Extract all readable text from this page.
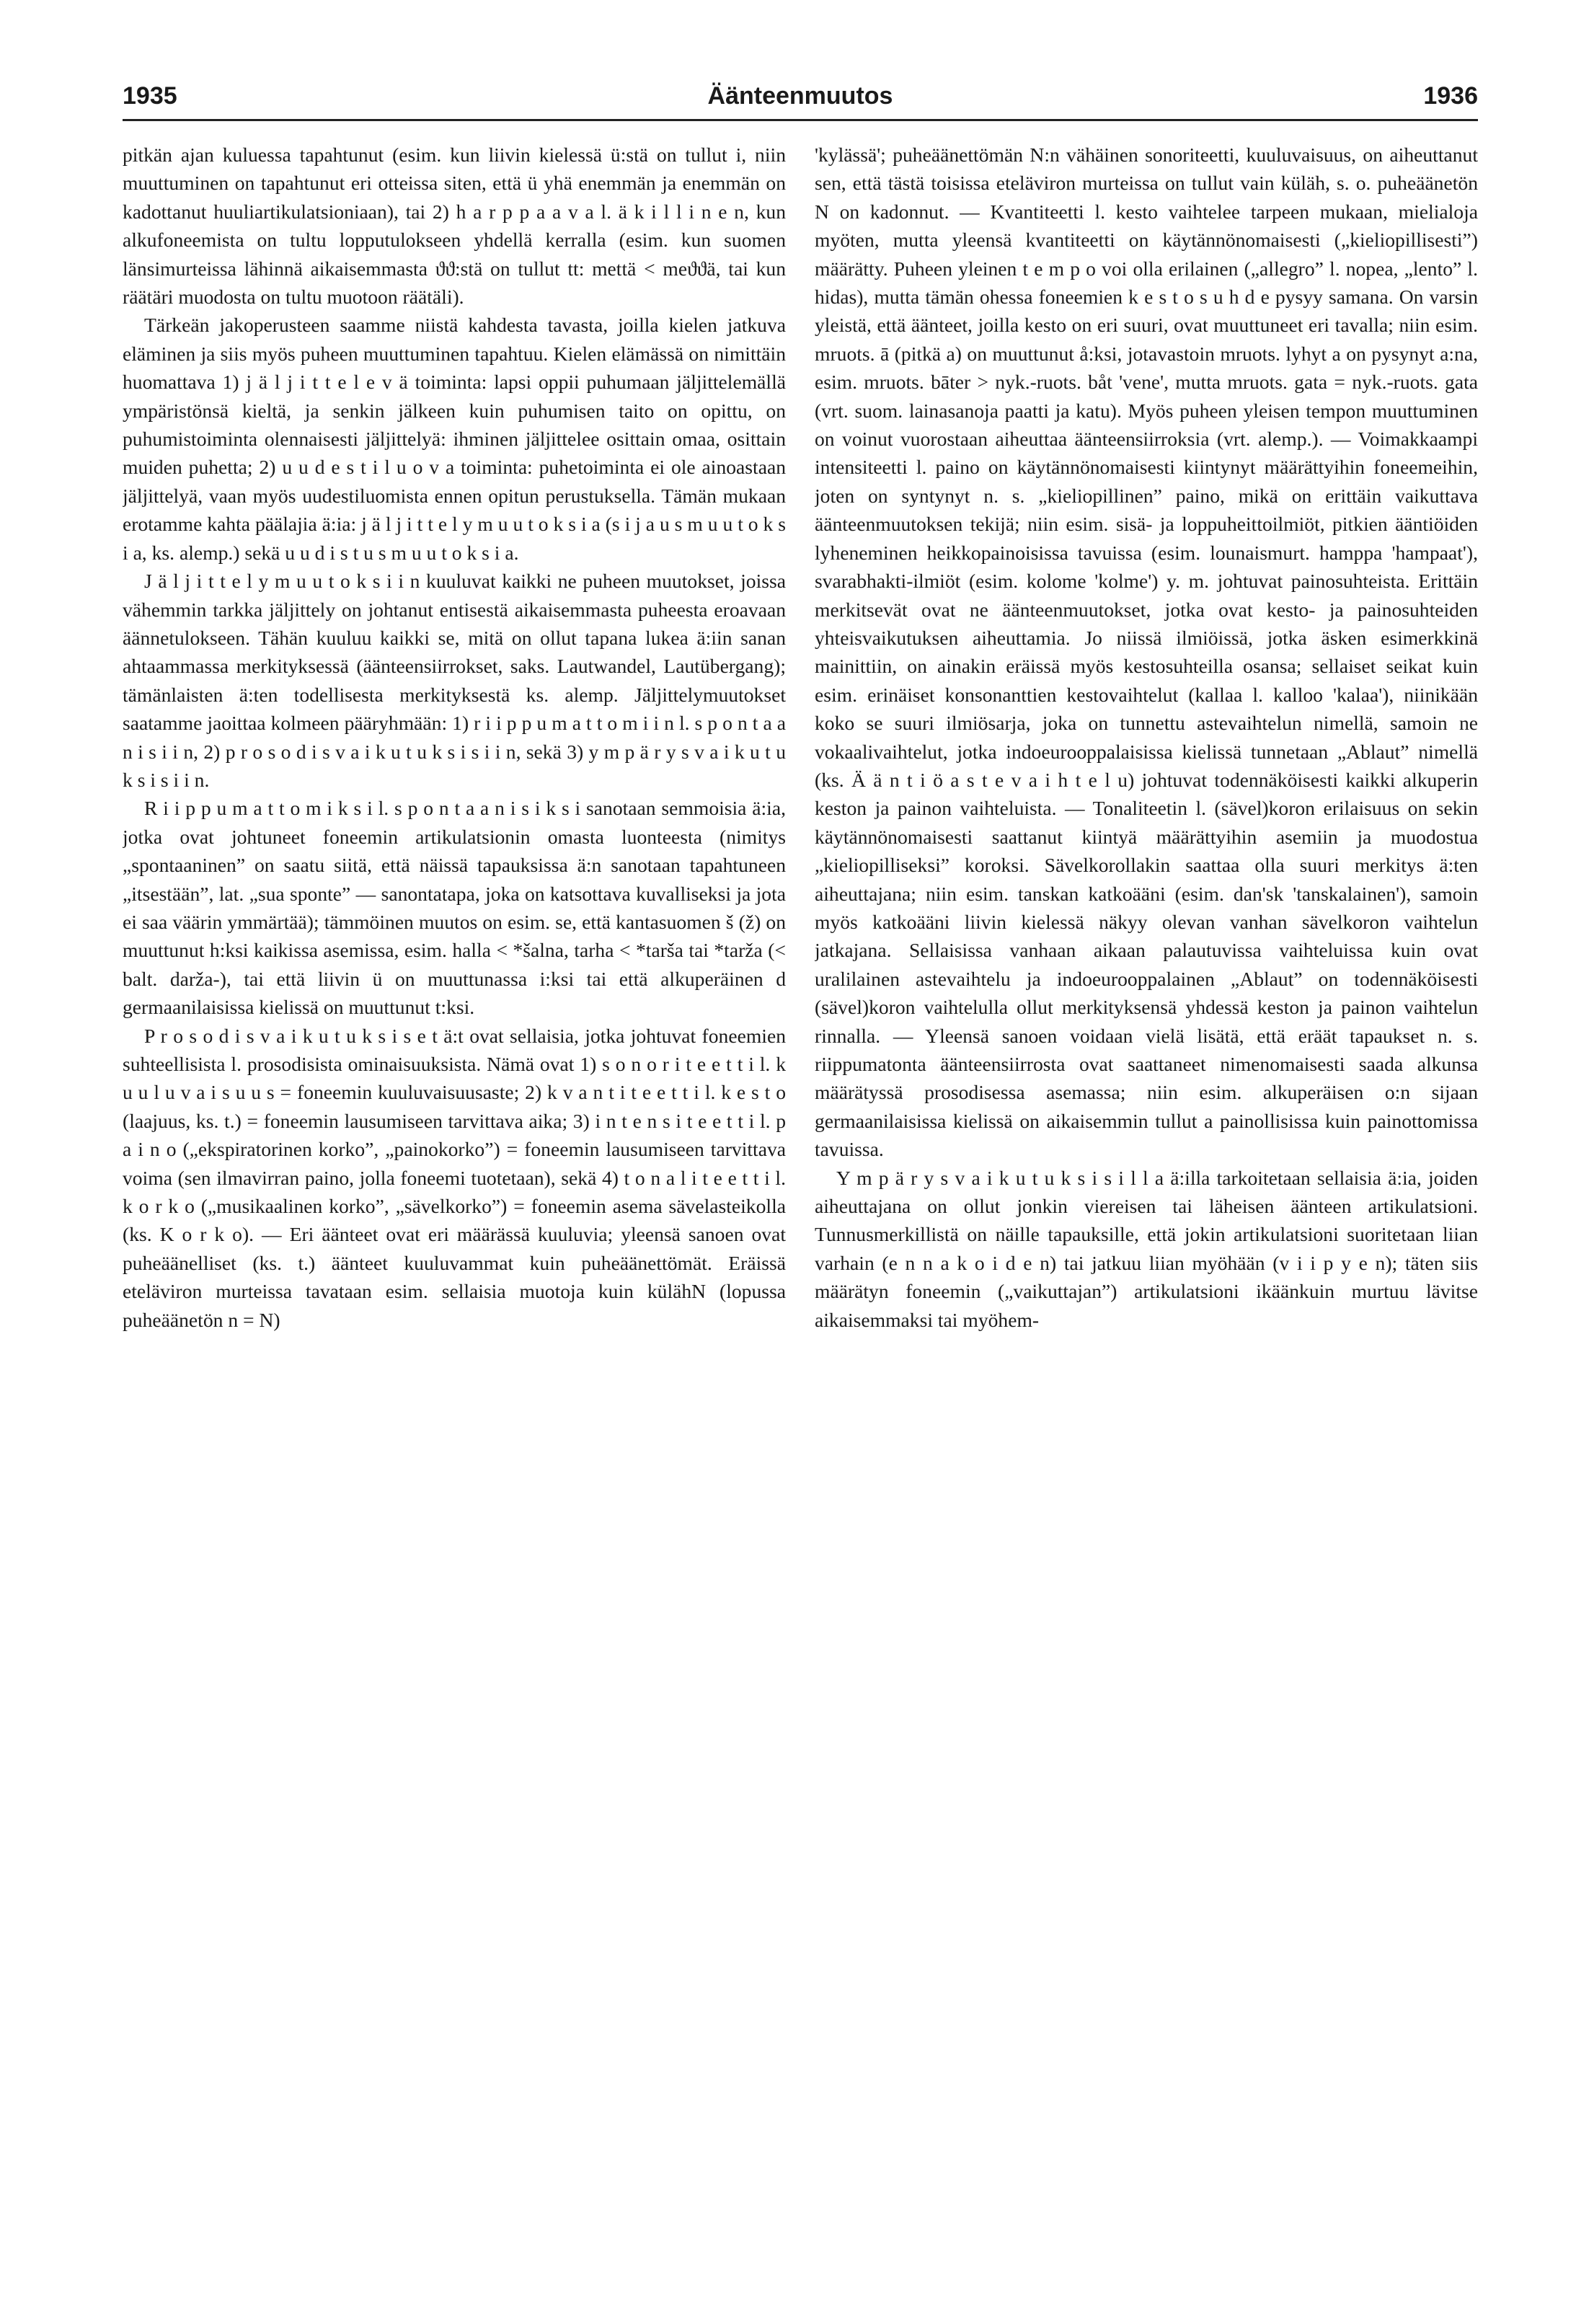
1935	Äänteenmuutos	1936

pitkän ajan kuluessa tapahtunut (esim. kun liivin kielessä ü:stä on tullut i, niin muuttuminen on tapahtunut eri otteissa siten, että ü yhä enemmän ja enemmän on kadottanut huuliartikulatsioniaan), tai 2) h a r p p a a v a l. ä k i l l i n e n, kun alkufoneemista on tultu lopputulokseen yhdellä kerralla (esim. kun suomen länsimurteissa lähinnä aikaisemmasta ϑϑ:stä on tullut tt: mettä < meϑϑä, tai kun räätäri muodosta on tultu muotoon räätäli).

Tärkeän jakoperusteen saamme niistä kahdesta tavasta, joilla kielen jatkuva eläminen ja siis myös puheen muuttuminen tapahtuu. Kielen elämässä on nimittäin huomattava 1) j ä l j i t t e l e v ä toiminta: lapsi oppii puhumaan jäljittelemällä ympäristönsä kieltä, ja senkin jälkeen kuin puhumisen taito on opittu, on puhumistoiminta olennaisesti jäljittelyä: ihminen jäljittelee osittain omaa, osittain muiden puhetta; 2) u u d e s t i l u o v a toiminta: puhetoiminta ei ole ainoastaan jäljittelyä, vaan myös uudestiluomista ennen opitun perustuksella. Tämän mukaan erotamme kahta päälajia ä:ia: j ä l j i t t e l y m u u t o k s i a (s i j a u s m u u t o k s i a, ks. alemp.) sekä u u d i s t u s m u u t o k s i a.

J ä l j i t t e l y m u u t o k s i i n kuuluvat kaikki ne puheen muutokset, joissa vähemmin tarkka jäljittely on johtanut entisestä aikaisemmasta puheesta eroavaan äännetulokseen. Tähän kuuluu kaikki se, mitä on ollut tapana lukea ä:iin sanan ahtaammassa merkityksessä (äänteensiirrokset, saks. Lautwandel, Lautübergang); tämänlaisten ä:ten todellisesta merkityksestä ks. alemp. Jäljittelymuutokset saatamme jaoittaa kolmeen pääryhmään: 1) r i i p p u m a t t o m i i n l. s p o n t a a n i s i i n, 2) p r o s o d i s v a i k u t u k s i s i i n, sekä 3) y m p ä r y s v a i k u t u k s i s i i n.

R i i p p u m a t t o m i k s i l. s p o n t a a n i s i k s i sanotaan semmoisia ä:ia, jotka ovat johtuneet foneemin artikulatsionin omasta luonteesta (nimitys „spontaaninen” on saatu siitä, että näissä tapauksissa ä:n sanotaan tapahtuneen „itsestään”, lat. „sua sponte” — sanontatapa, joka on katsottava kuvalliseksi ja jota ei saa väärin ymmärtää); tämmöinen muutos on esim. se, että kantasuomen š (ž) on muuttunut h:ksi kaikissa asemissa, esim. halla < *šalna, tarha < *tarša tai *tarža (< balt. darža-), tai että liivin ü on muuttunassa i:ksi tai että alkuperäinen d germaanilaisissa kielissä on muuttunut t:ksi.

P r o s o d i s v a i k u t u k s i s e t ä:t ovat sellaisia, jotka johtuvat foneemien suhteellisista l. prosodisista ominaisuuksista. Nämä ovat 1) s o n o r i t e e t t i l. k u u l u v a i s u u s = foneemin kuuluvaisuusaste; 2) k v a n t i t e e t t i l. k e s t o (laajuus, ks. t.) = foneemin lausumiseen tarvittava aika; 3) i n t e n s i t e e t t i l. p a i n o („ekspiratorinen korko”, „painokorko”) = foneemin lausumiseen tarvittava voima (sen ilmavirran paino, jolla foneemi tuotetaan), sekä 4) t o n a l i t e e t t i l. k o r k o („musikaalinen korko”, „sävelkorko”) = foneemin asema sävelasteikolla (ks. K o r k o). — Eri äänteet ovat eri määrässä kuuluvia; yleensä sanoen ovat puheäänelliset (ks. t.) äänteet kuuluvammat kuin puheäänettömät. Eräissä eteläviron murteissa tavataan esim. sellaisia muotoja kuin külähN (lopussa puheäänetön n = N)

'kylässä'; puheäänettömän N:n vähäinen sonoriteetti, kuuluvaisuus, on aiheuttanut sen, että tästä toisissa eteläviron murteissa on tullut vain küläh, s. o. puheäänetön N on kadonnut. — Kvantiteetti l. kesto vaihtelee tarpeen mukaan, mielialoja myöten, mutta yleensä kvantiteetti on käytännönomaisesti („kieliopillisesti”) määrätty. Puheen yleinen t e m p o voi olla erilainen („allegro” l. nopea, „lento” l. hidas), mutta tämän ohessa foneemien k e s t o s u h d e pysyy samana. On varsin yleistä, että äänteet, joilla kesto on eri suuri, ovat muuttuneet eri tavalla; niin esim. mruots. ā (pitkä a) on muuttunut å:ksi, jotavastoin mruots. lyhyt a on pysynyt a:na, esim. mruots. bāter > nyk.-ruots. båt 'vene', mutta mruots. gata = nyk.-ruots. gata (vrt. suom. lainasanoja paatti ja katu). Myös puheen yleisen tempon muuttuminen on voinut vuorostaan aiheuttaa äänteensiirroksia (vrt. alemp.). — Voimakkaampi intensiteetti l. paino on käytännönomaisesti kiintynyt määrättyihin foneemeihin, joten on syntynyt n. s. „kieliopillinen” paino, mikä on erittäin vaikuttava äänteenmuutoksen tekijä; niin esim. sisä- ja loppuheittoilmiöt, pitkien ääntiöiden lyheneminen heikkopainoisissa tavuissa (esim. lounaismurt. hamppa 'hampaat'), svarabhakti-ilmiöt (esim. kolome 'kolme') y. m. johtuvat painosuhteista. Erittäin merkitsevät ovat ne äänteenmuutokset, jotka ovat kesto- ja painosuhteiden yhteisvaikutuksen aiheuttamia. Jo niissä ilmiöissä, jotka äsken esimerkkinä mainittiin, on ainakin eräissä myös kestosuhteilla osansa; sellaiset seikat kuin esim. erinäiset konsonanttien kestovaihtelut (kallaa l. kalloo 'kalaa'), niinikään koko se suuri ilmiösarja, joka on tunnettu astevaihtelun nimellä, samoin ne vokaalivaihtelut, jotka indoeurooppalaisissa kielissä tunnetaan „Ablaut” nimellä (ks. Ä ä n t i ö a s t e v a i h t e l u) johtuvat todennäköisesti kaikki alkuperin keston ja painon vaihteluista. — Tonaliteetin l. (sävel)koron erilaisuus on sekin käytännönomaisesti saattanut kiintyä määrättyihin asemiin ja muodostua „kieliopilliseksi” koroksi. Sävelkorollakin saattaa olla suuri merkitys ä:ten aiheuttajana; niin esim. tanskan katkoääni (esim. dan'sk 'tanskalainen'), samoin myös katkoääni liivin kielessä näkyy olevan vanhan sävelkoron vaihtelun jatkajana. Sellaisissa vanhaan aikaan palautuvissa vaihteluissa kuin ovat uralilainen astevaihtelu ja indoeurooppalainen „Ablaut” on todennäköisesti (sävel)koron vaihtelulla ollut merkityksensä yhdessä keston ja painon vaihtelun rinnalla. — Yleensä sanoen voidaan vielä lisätä, että eräät tapaukset n. s. riippumatonta äänteensiirrosta ovat saattaneet nimenomaisesti saada alkunsa määrätyssä prosodisessa asemassa; niin esim. alkuperäisen o:n sijaan germaanilaisissa kielissä on aikaisemmin tullut a painollisissa kuin painottomissa tavuissa.

Y m p ä r y s v a i k u t u k s i s i l l a ä:illa tarkoitetaan sellaisia ä:ia, joiden aiheuttajana on ollut jonkin viereisen tai läheisen äänteen artikulatsioni. Tunnusmerkillistä on näille tapauksille, että jokin artikulatsioni suoritetaan liian varhain (e n n a k o i d e n) tai jatkuu liian myöhään (v i i p y e n); täten siis määrätyn foneemin („vaikuttajan”) artikulatsioni ikäänkuin murtuu lävitse aikaisemmaksi tai myöhem-
